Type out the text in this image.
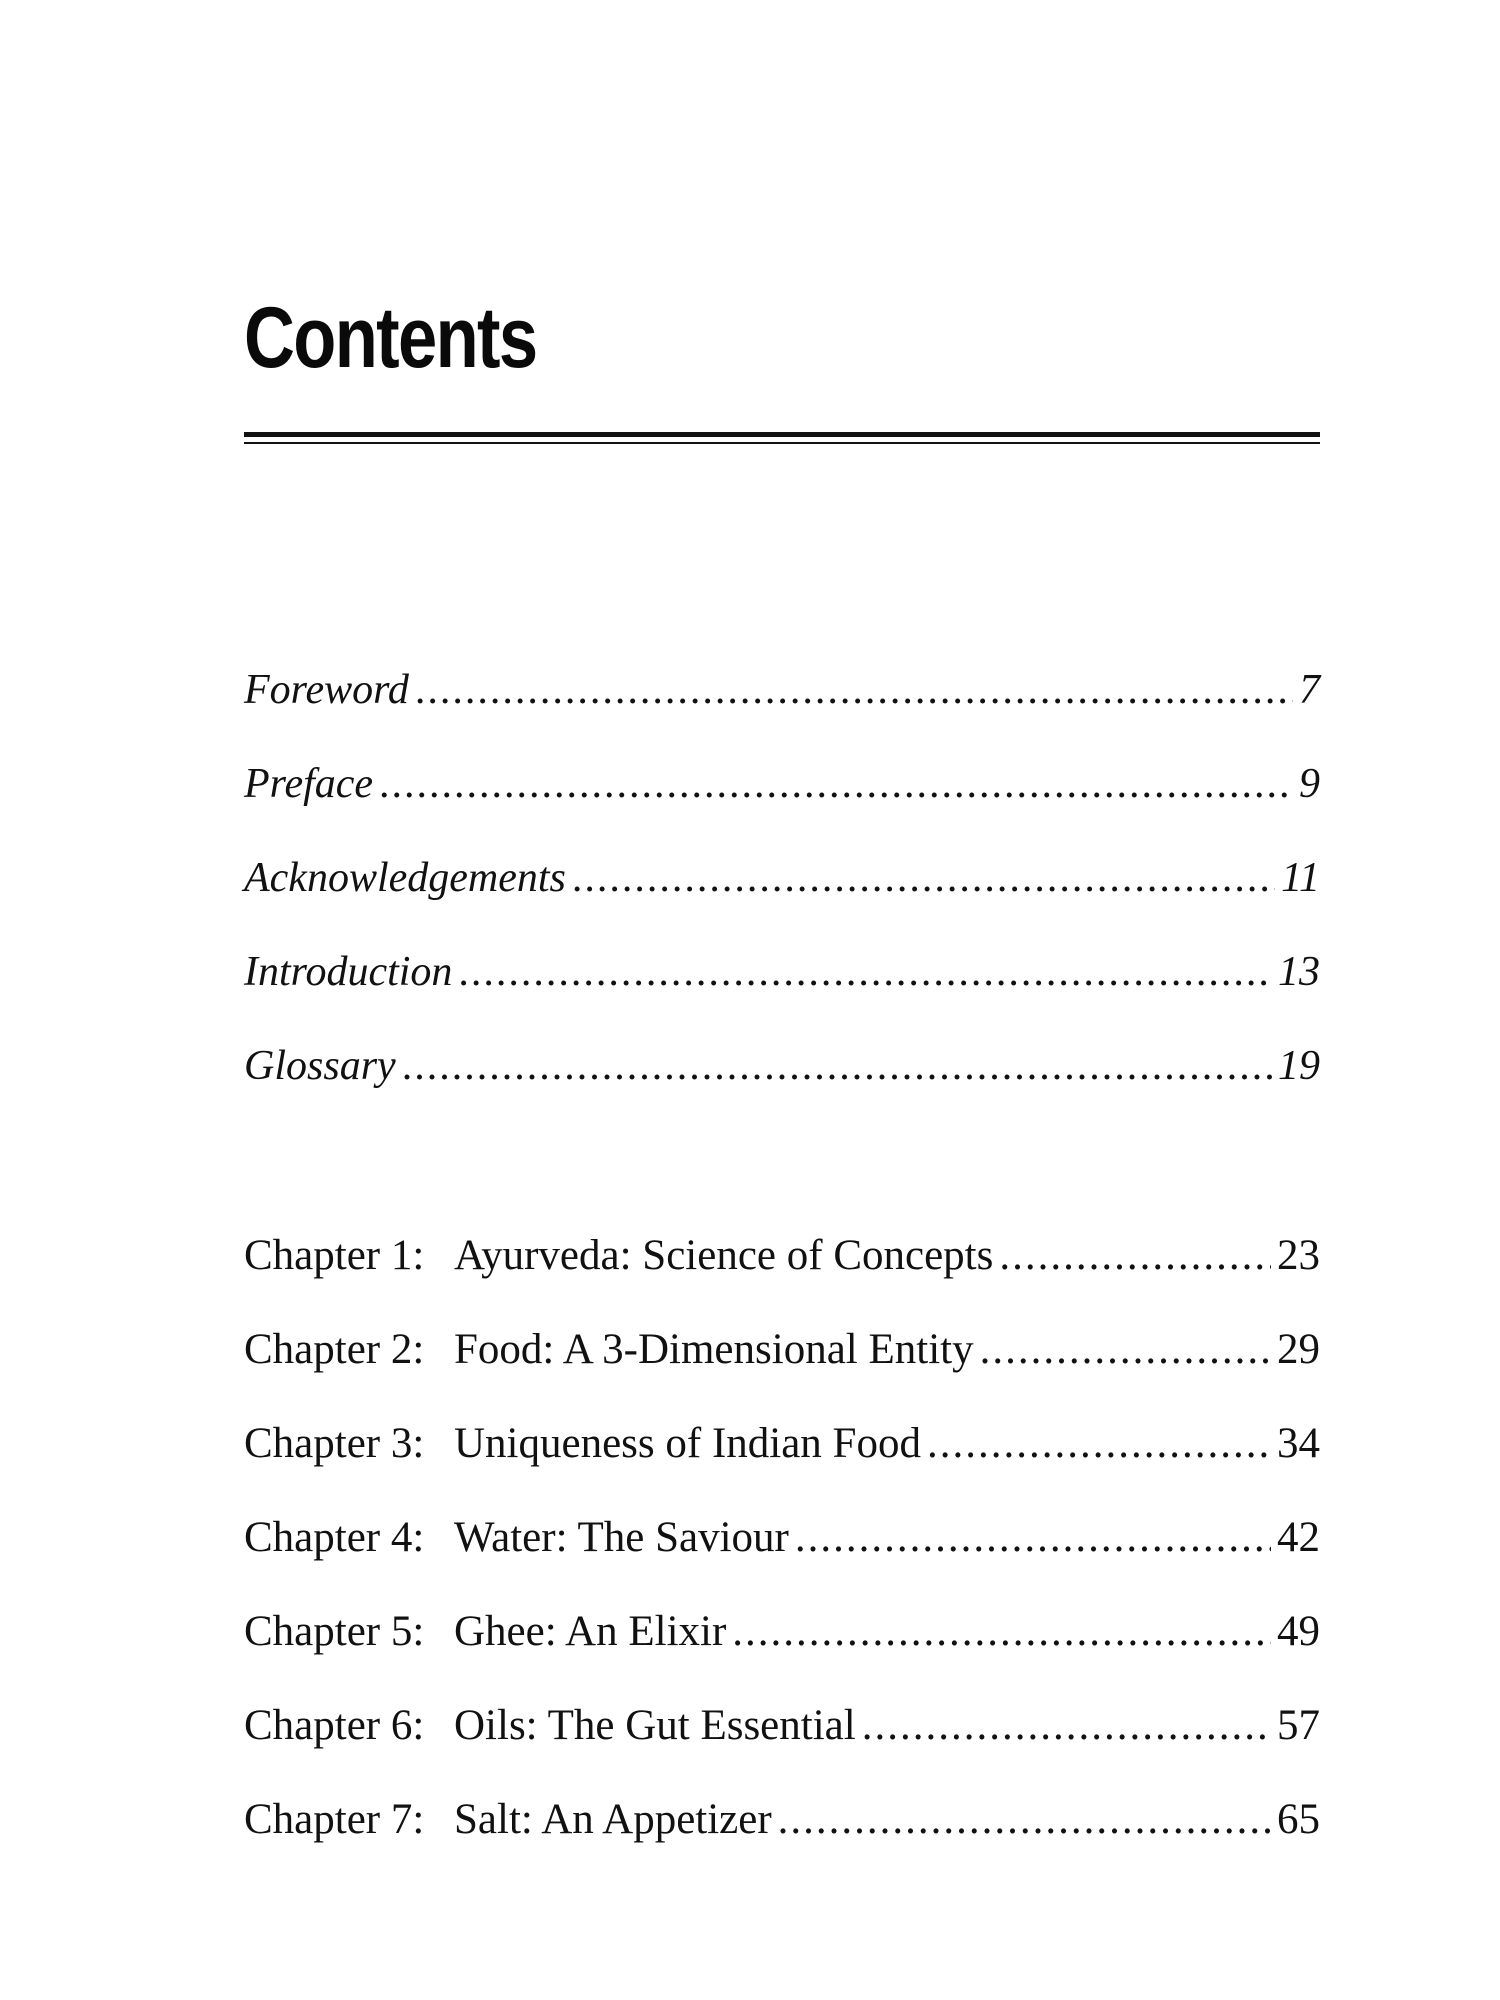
Contents
Foreword .....	7
Preface .....	9
Acknowledgements .....	11
Introduction .....	13
Glossary .....	19
Chapter 1: Ayurveda: Science of Concepts .....	23
Chapter 2: Food: A 3-Dimensional Entity .....	29
Chapter 3: Uniqueness of Indian Food .....	34
Chapter 4: Water: The Saviour .....	42
Chapter 5: Ghee: An Elixir .....	49
Chapter 6: Oils: The Gut Essential .....	57
Chapter 7: Salt: An Appetizer .....	65
